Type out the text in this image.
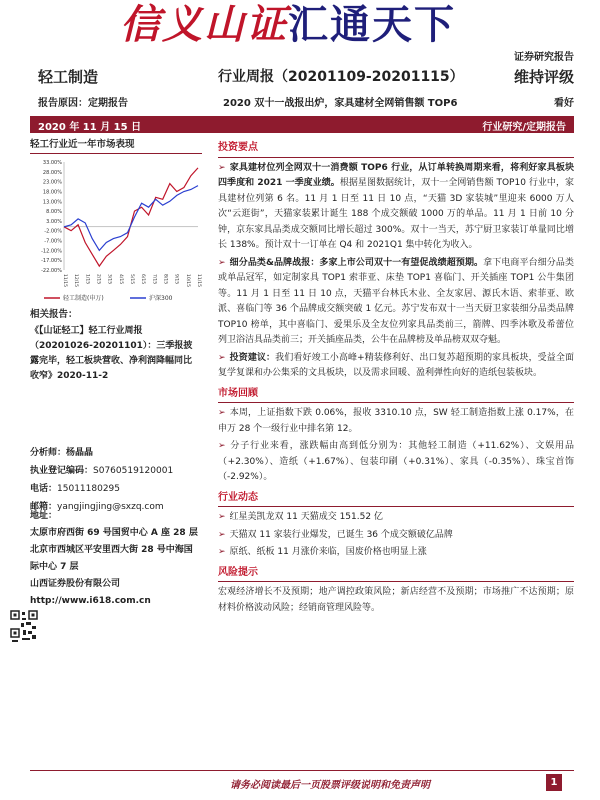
信义山证汇通天下
证券研究报告
轻工制造	行业周报（20201109-20201115）	维持评级
报告原因：定期报告	2020 双十一战报出炉，家具建材全网销售额 TOP6	看好
2020 年 11 月 15 日	行业研究/定期报告
轻工行业近一年市场表现
33.00%
28.00%
23.00%
18.00%
13.00%
8.00%
3.00%
-2.00%
-7.00%
-12.00%
-17.00%
-22.00%
11/15 12/15 1/15 2/15 3/15 4/15 5/15 6/15 7/15 8/15 9/15 10/15 11/15
轻工制造(申万)	沪深300
相关报告：
《【山证轻工】轻工行业周报（20201026-20201101）：三季报披露完毕，轻工板块营收、净利润降幅同比收窄》2020-11-2
分析师：杨晶晶
执业登记编码：S0760519120001
电话：15011180295
邮箱：yangjingjing@sxzq.com
地址：
太原市府西街 69 号国贸中心 A 座 28 层
北京市西城区平安里西大街 28 号中海国际中心 7 层
山西证券股份有限公司
http://www.i618.com.cn
投资要点
➢ 家具建材位列全网双十一消费额 TOP6 行业，从订单转换周期来看，将利好家具板块四季度和 2021 一季度业绩。根据星图数据统计，双十一全网销售额 TOP10 行业中，家具建材位列第 6 名。11 月 1 日至 11 日 10 点，“天猫 3D 家装城”里迎来 6000 万人次“云逛街”，天猫家装累计诞生 188 个成交额破 1000 万的单品。11 月 1 日前 10 分钟，京东家具品类成交额同比增长超过 300%。双十一当天，苏宁厨卫家装订单量同比增长 138%。预计双十一订单在 Q4 和 2021Q1 集中转化为收入。
➢ 细分品类&品牌战报：多家上市公司双十一有望促战绩超预期。拿下电商平台细分品类或单品冠军，如定制家具 TOP1 索菲亚、床垫 TOP1 喜临门、开关插座 TOP1 公牛集团等。11 月 1 日至 11 日 10 点，天猫平台林氏木业、全友家居、源氏木语、索菲亚、欧派、喜临门等 36 个品牌成交额突破 1 亿元。苏宁发布双十一当天厨卫家装细分品类品牌 TOP10 榜单，其中喜临门、爱果乐及全友位列家具品类前三，箭牌、四季沐歌及希蕾位列卫浴洁具品类前三；开关插座品类，公牛在品牌榜及单品榜双双夺魁。
➢ 投资建议：我们看好竣工小高峰+精装修利好、出口复苏超预期的家具板块，受益全面复学复课和办公集采的文具板块，以及需求回暖、盈利弹性向好的造纸包装板块。
市场回顾
➢ 本周，上证指数下跌 0.06%，报收 3310.10 点，SW 轻工制造指数上涨 0.17%，在申万 28 个一级行业中排名第 12。
➢ 分子行业来看，涨跌幅由高到低分别为：其他轻工制造（+11.62%）、文娱用品（+2.30%）、造纸（+1.67%）、包装印刷（+0.31%）、家具（-0.35%）、珠宝首饰（-2.92%）。
行业动态
➢ 红星美凯龙双 11 天猫成交 151.52 亿
➢ 天猫双 11 家装行业爆发，已诞生 36 个成交额破亿品牌
➢ 原纸、纸板 11 月涨价来临，国废价格也明显上涨
风险提示
宏观经济增长不及预期；地产调控政策风险；新店经营不及预期；市场推广不达预期；原材料价格波动风险；经销商管理风险等。
请务必阅读最后一页股票评级说明和免责声明	1
